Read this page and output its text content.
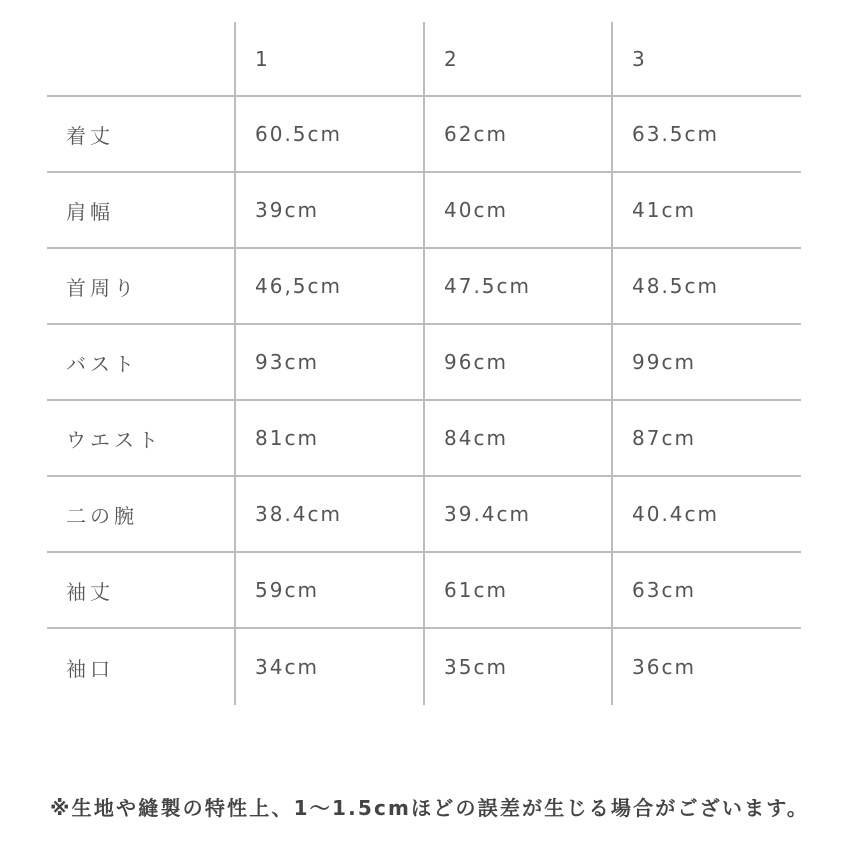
	1	2	3
着丈	60.5cm	62cm	63.5cm
肩幅	39cm	40cm	41cm
首周り	46,5cm	47.5cm	48.5cm
バスト	93cm	96cm	99cm
ウエスト	81cm	84cm	87cm
二の腕	38.4cm	39.4cm	40.4cm
袖丈	59cm	61cm	63cm
袖口	34cm	35cm	36cm
※生地や縫製の特性上、1〜1.5cmほどの誤差が生じる場合がございます。
